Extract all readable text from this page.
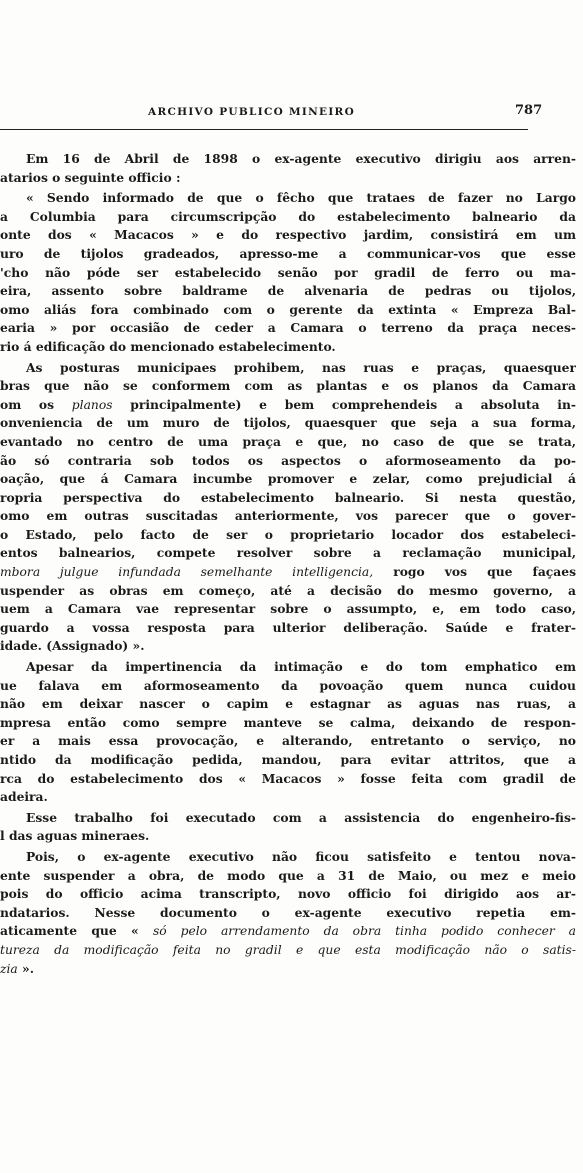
ARCHIVO PUBLICO MINEIRO	787
Em 16 de Abril de 1898 o ex-agente executivo dirigiu aos arren-
atarios o seguinte officio :
« Sendo informado de que o fêcho que trataes de fazer no Largo
a Columbia para circumscripção do estabelecimento balneario da
onte dos « Macacos » e do respectivo jardim, consistirá em um
uro de tijolos gradeados, apresso-me a communicar-vos que esse
'cho não póde ser estabelecido senão por gradil de ferro ou ma-
eira, assento sobre baldrame de alvenaria de pedras ou tijolos,
omo aliás fora combinado com o gerente da extinta « Empreza Bal-
earia » por occasião de ceder a Camara o terreno da praça neces-
rio á edificação do mencionado estabelecimento.
As posturas municipaes prohibem, nas ruas e praças, quaesquer
bras que não se conformem com as plantas e os planos da Camara
om os planos principalmente) e bem comprehendeis a absoluta in-
onveniencia de um muro de tijolos, quaesquer que seja a sua forma,
evantado no centro de uma praça e que, no caso de que se trata,
ão só contraria sob todos os aspectos o aformoseamento da po-
oação, que á Camara incumbe promover e zelar, como prejudicial á
ropria perspectiva do estabelecimento balneario. Si nesta questão,
omo em outras suscitadas anteriormente, vos parecer que o gover-
o Estado, pelo facto de ser o proprietario locador dos estabeleci-
entos balnearios, compete resolver sobre a reclamação municipal,
mbora julgue infundada semelhante intelligencia, rogo vos que façaes
uspender as obras em começo, até a decisão do mesmo governo, a
uem a Camara vae representar sobre o assumpto, e, em todo caso,
guardo a vossa resposta para ulterior deliberação. Saúde e frater-
idade. (Assignado) ».
Apesar da impertinencia da intimação e do tom emphatico em
ue falava em aformoseamento da povoação quem nunca cuidou
não em deixar nascer o capim e estagnar as aguas nas ruas, a
mpresa então como sempre manteve se calma, deixando de respon-
er a mais essa provocação, e alterando, entretanto o serviço, no
ntido da modificação pedida, mandou, para evitar attritos, que a
rca do estabelecimento dos « Macacos » fosse feita com gradil de
adeira.
Esse trabalho foi executado com a assistencia do engenheiro-fis-
l das aguas mineraes.
Pois, o ex-agente executivo não ficou satisfeito e tentou nova-
ente suspender a obra, de modo que a 31 de Maio, ou mez e meio
pois do officio acima transcripto, novo officio foi dirigido aos ar-
ndatarios. Nesse documento o ex-agente executivo repetia em-
aticamente que « só pelo arrendamento da obra tinha podido conhecer a
tureza da modificação feita no gradil e que esta modificação não o satis-
zia ».
